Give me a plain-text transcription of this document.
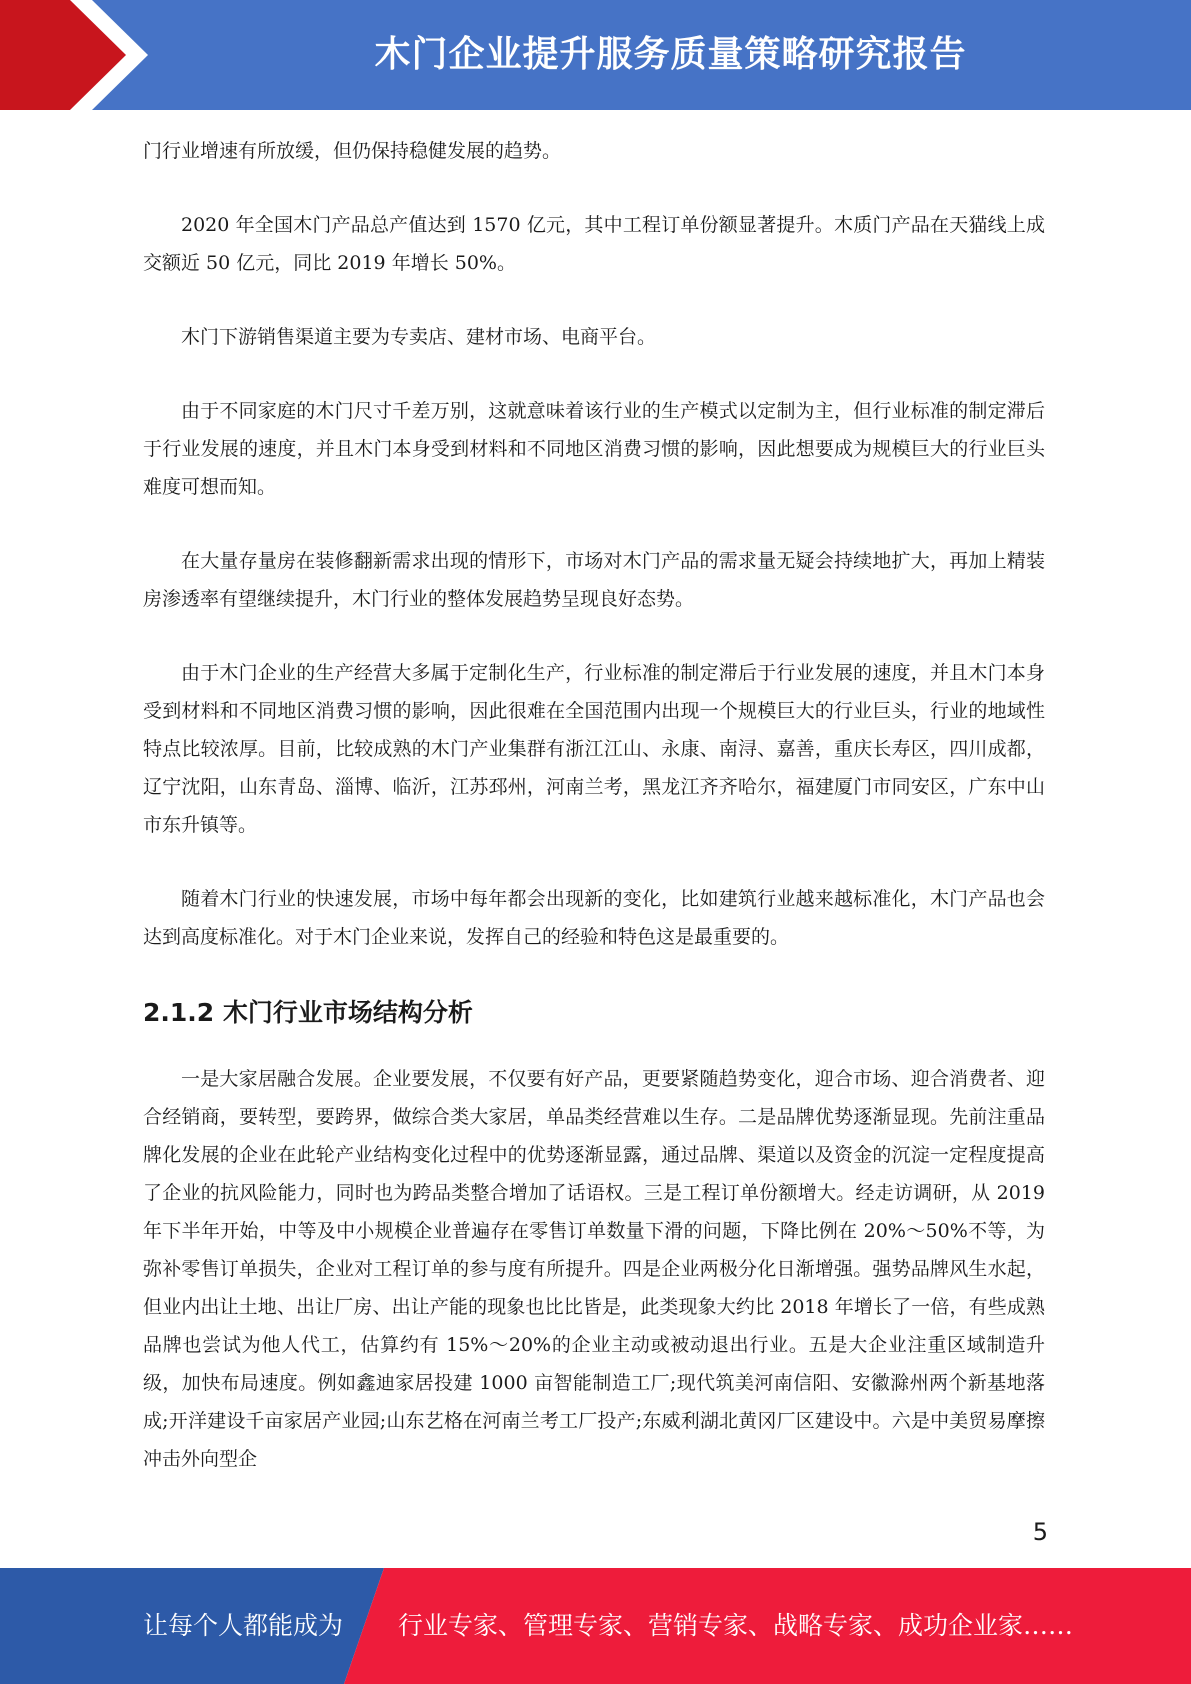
木门企业提升服务质量策略研究报告

门行业增速有所放缓，但仍保持稳健发展的趋势。

2020 年全国木门产品总产值达到 1570 亿元，其中工程订单份额显著提升。木质门产品在天猫线上成交额近 50 亿元，同比 2019 年增长 50%。

木门下游销售渠道主要为专卖店、建材市场、电商平台。

由于不同家庭的木门尺寸千差万别，这就意味着该行业的生产模式以定制为主，但行业标准的制定滞后于行业发展的速度，并且木门本身受到材料和不同地区消费习惯的影响，因此想要成为规模巨大的行业巨头难度可想而知。

在大量存量房在装修翻新需求出现的情形下，市场对木门产品的需求量无疑会持续地扩大，再加上精装房渗透率有望继续提升，木门行业的整体发展趋势呈现良好态势。

由于木门企业的生产经营大多属于定制化生产，行业标准的制定滞后于行业发展的速度，并且木门本身受到材料和不同地区消费习惯的影响，因此很难在全国范围内出现一个规模巨大的行业巨头，行业的地域性特点比较浓厚。目前，比较成熟的木门产业集群有浙江江山、永康、南浔、嘉善，重庆长寿区，四川成都，辽宁沈阳，山东青岛、淄博、临沂，江苏邳州，河南兰考，黑龙江齐齐哈尔，福建厦门市同安区，广东中山市东升镇等。

随着木门行业的快速发展，市场中每年都会出现新的变化，比如建筑行业越来越标准化，木门产品也会达到高度标准化。对于木门企业来说，发挥自己的经验和特色这是最重要的。

2.1.2 木门行业市场结构分析

一是大家居融合发展。企业要发展，不仅要有好产品，更要紧随趋势变化，迎合市场、迎合消费者、迎合经销商，要转型，要跨界，做综合类大家居，单品类经营难以生存。二是品牌优势逐渐显现。先前注重品牌化发展的企业在此轮产业结构变化过程中的优势逐渐显露，通过品牌、渠道以及资金的沉淀一定程度提高了企业的抗风险能力，同时也为跨品类整合增加了话语权。三是工程订单份额增大。经走访调研，从 2019 年下半年开始，中等及中小规模企业普遍存在零售订单数量下滑的问题，下降比例在 20%～50%不等，为弥补零售订单损失，企业对工程订单的参与度有所提升。四是企业两极分化日渐增强。强势品牌风生水起，但业内出让土地、出让厂房、出让产能的现象也比比皆是，此类现象大约比 2018 年增长了一倍，有些成熟品牌也尝试为他人代工，估算约有 15%～20%的企业主动或被动退出行业。五是大企业注重区域制造升级，加快布局速度。例如鑫迪家居投建 1000 亩智能制造工厂;现代筑美河南信阳、安徽滁州两个新基地落成;开洋建设千亩家居产业园;山东艺格在河南兰考工厂投产;东威利湖北黄冈厂区建设中。六是中美贸易摩擦冲击外向型企

5
让每个人都能成为 行业专家、管理专家、营销专家、战略专家、成功企业家……
